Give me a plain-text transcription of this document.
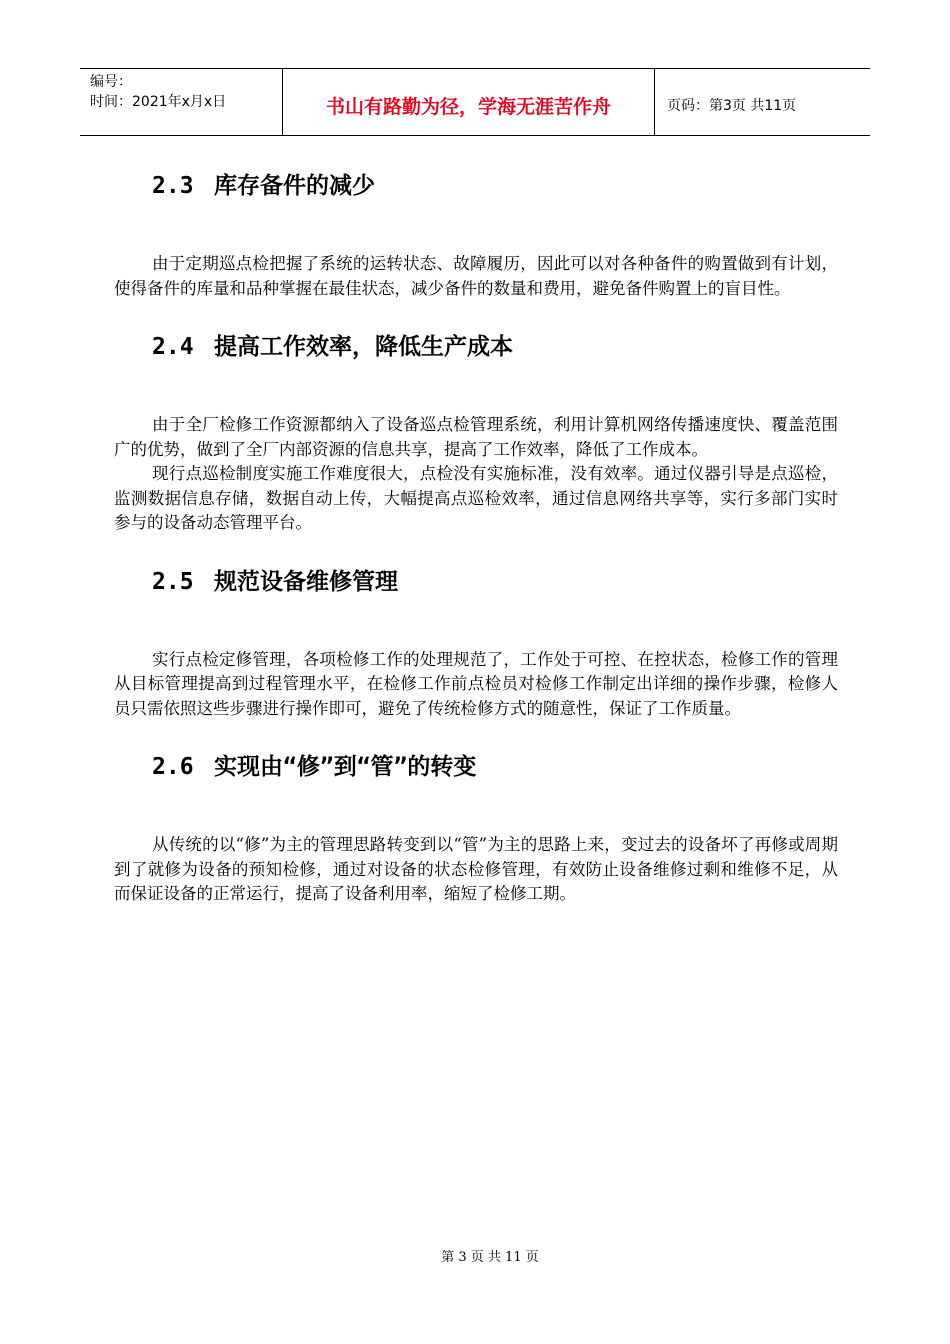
编号：
时间：2021年x月x日	书山有路勤为径，学海无涯苦作舟	页码：第3页 共11页
2.3 库存备件的减少

由于定期巡点检把握了系统的运转状态、故障履历，因此可以对各种备件的购置做到有计划，使得备件的库量和品种掌握在最佳状态，减少备件的数量和费用，避免备件购置上的盲目性。

2.4 提高工作效率，降低生产成本

由于全厂检修工作资源都纳入了设备巡点检管理系统，利用计算机网络传播速度快、覆盖范围广的优势，做到了全厂内部资源的信息共享，提高了工作效率，降低了工作成本。

现行点巡检制度实施工作难度很大，点检没有实施标准，没有效率。通过仪器引导是点巡检，监测数据信息存储，数据自动上传，大幅提高点巡检效率，通过信息网络共享等，实行多部门实时参与的设备动态管理平台。

2.5 规范设备维修管理

实行点检定修管理，各项检修工作的处理规范了，工作处于可控、在控状态，检修工作的管理从目标管理提高到过程管理水平，在检修工作前点检员对检修工作制定出详细的操作步骤，检修人员只需依照这些步骤进行操作即可，避免了传统检修方式的随意性，保证了工作质量。

2.6 实现由“修”到“管”的转变

从传统的以“修”为主的管理思路转变到以“管”为主的思路上来，变过去的设备坏了再修或周期到了就修为设备的预知检修，通过对设备的状态检修管理，有效防止设备维修过剩和维修不足，从而保证设备的正常运行，提高了设备利用率，缩短了检修工期。

第 3 页 共 11 页
